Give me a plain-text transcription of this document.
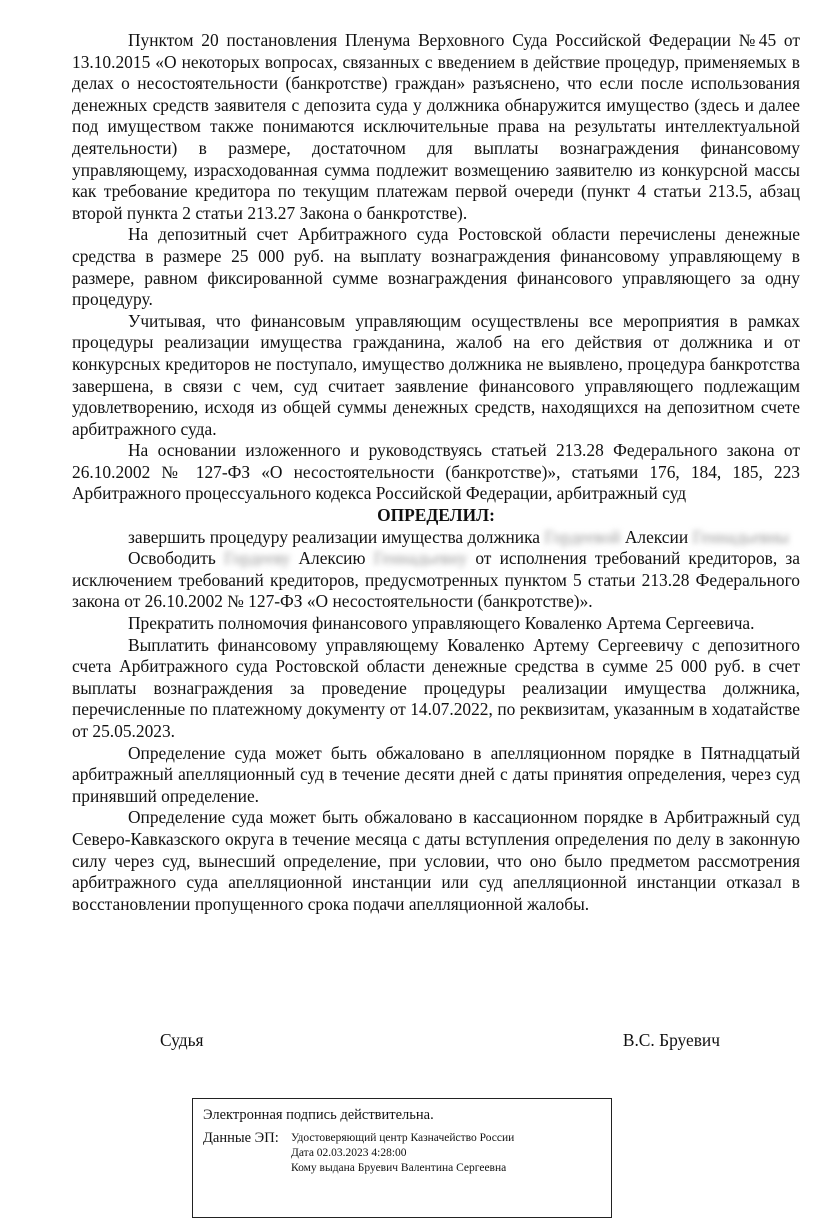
Пунктом 20 постановления Пленума Верховного Суда Российской Федерации №45 от 13.10.2015 «О некоторых вопросах, связанных с введением в действие процедур, применяемых в делах о несостоятельности (банкротстве) граждан» разъяснено, что если после использования денежных средств заявителя с депозита суда у должника обнаружится имущество (здесь и далее под имуществом также понимаются исключительные права на результаты интеллектуальной деятельности) в размере, достаточном для выплаты вознаграждения финансовому управляющему, израсходованная сумма подлежит возмещению заявителю из конкурсной массы как требование кредитора по текущим платежам первой очереди (пункт 4 статьи 213.5, абзац второй пункта 2 статьи 213.27 Закона о банкротстве).

На депозитный счет Арбитражного суда Ростовской области перечислены денежные средства в размере 25 000 руб. на выплату вознаграждения финансовому управляющему в размере, равном фиксированной сумме вознаграждения финансового управляющего за одну процедуру.

Учитывая, что финансовым управляющим осуществлены все мероприятия в рамках процедуры реализации имущества гражданина, жалоб на его действия от должника и от конкурсных кредиторов не поступало, имущество должника не выявлено, процедура банкротства завершена, в связи с чем, суд считает заявление финансового управляющего подлежащим удовлетворению, исходя из общей суммы денежных средств, находящихся на депозитном счете арбитражного суда.

На основании изложенного и руководствуясь статьей 213.28 Федерального закона от 26.10.2002 № 127-ФЗ «О несостоятельности (банкротстве)», статьями 176, 184, 185, 223 Арбитражного процессуального кодекса Российской Федерации, арбитражный суд

ОПРЕДЕЛИЛ:

завершить процедуру реализации имущества должника Гордеевой Алексии Геннадьевны

Освободить Гордееву Алексию Геннадьевну от исполнения требований кредиторов, за исключением требований кредиторов, предусмотренных пунктом 5 статьи 213.28 Федерального закона от 26.10.2002 № 127-ФЗ «О несостоятельности (банкротстве)».

Прекратить полномочия финансового управляющего Коваленко Артема Сергеевича.

Выплатить финансовому управляющему Коваленко Артему Сергеевичу с депозитного счета Арбитражного суда Ростовской области денежные средства в сумме 25 000 руб. в счет выплаты вознаграждения за проведение процедуры реализации имущества должника, перечисленные по платежному документу от 14.07.2022, по реквизитам, указанным в ходатайстве от 25.05.2023.

Определение суда может быть обжаловано в апелляционном порядке в Пятнадцатый арбитражный апелляционный суд в течение десяти дней с даты принятия определения, через суд принявший определение.

Определение суда может быть обжаловано в кассационном порядке в Арбитражный суд Северо-Кавказского округа в течение месяца с даты вступления определения по делу в законную силу через суд, вынесший определение, при условии, что оно было предметом рассмотрения арбитражного суда апелляционной инстанции или суд апелляционной инстанции отказал в восстановлении пропущенного срока подачи апелляционной жалобы.

Судья	В.С. Бруевич
Электронная подпись действительна.
Данные ЭП:	Удостоверяющий центр Казначейство России
Дата 02.03.2023 4:28:00
Кому выдана Бруевич Валентина Сергеевна
